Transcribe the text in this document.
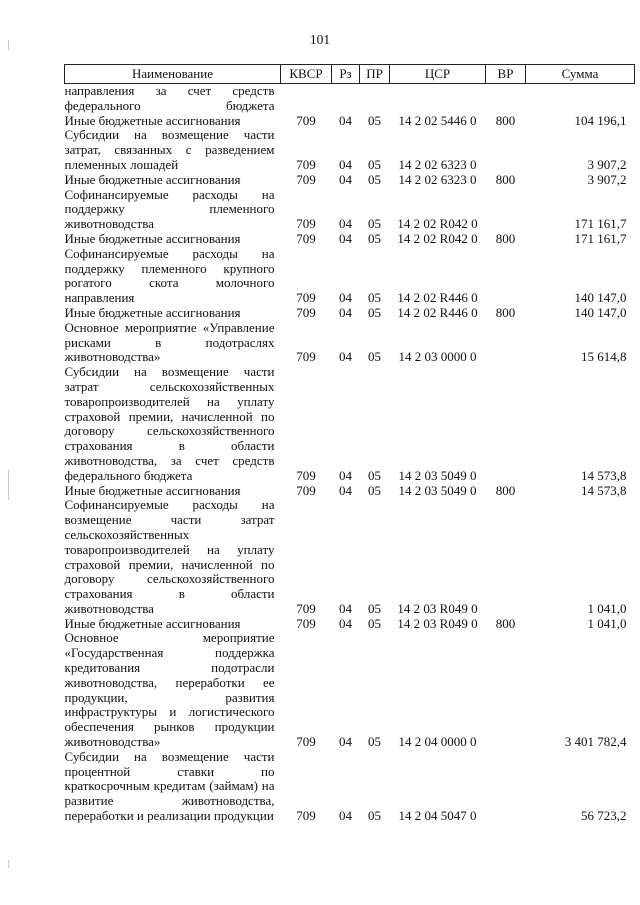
101
Наименование	КВСР	Рз	ПР	ЦСР	ВР	Сумма
направления за счет средств федерального бюджета						
Иные бюджетные ассигнования	709	04	05	14 2 02 5446 0	800	104 196,1
Субсидии на возмещение части затрат, связанных с разведением племенных лошадей	709	04	05	14 2 02 6323 0		3 907,2
Иные бюджетные ассигнования	709	04	05	14 2 02 6323 0	800	3 907,2
Софинансируемые расходы на поддержку племенного животноводства	709	04	05	14 2 02 R042 0		171 161,7
Иные бюджетные ассигнования	709	04	05	14 2 02 R042 0	800	171 161,7
Софинансируемые расходы на поддержку племенного крупного рогатого скота молочного направления	709	04	05	14 2 02 R446 0		140 147,0
Иные бюджетные ассигнования	709	04	05	14 2 02 R446 0	800	140 147,0
Основное мероприятие «Управление рисками в подотраслях животноводства»	709	04	05	14 2 03 0000 0		15 614,8
Субсидии на возмещение части затрат сельскохозяйственных товаропроизводителей на уплату страховой премии, начисленной по договору сельскохозяйственного страхования в области животноводства, за счет средств федерального бюджета	709	04	05	14 2 03 5049 0		14 573,8
Иные бюджетные ассигнования	709	04	05	14 2 03 5049 0	800	14 573,8
Софинансируемые расходы на возмещение части затрат сельскохозяйственных товаропроизводителей на уплату страховой премии, начисленной по договору сельскохозяйственного страхования в области животноводства	709	04	05	14 2 03 R049 0		1 041,0
Иные бюджетные ассигнования	709	04	05	14 2 03 R049 0	800	1 041,0
Основное мероприятие «Государственная поддержка кредитования подотрасли животноводства, переработки ее продукции, развития инфраструктуры и логистического обеспечения рынков продукции животноводства»	709	04	05	14 2 04 0000 0		3 401 782,4
Субсидии на возмещение части процентной ставки по краткосрочным кредитам (займам) на развитие животноводства, переработки и реализации продукции	709	04	05	14 2 04 5047 0		56 723,2
